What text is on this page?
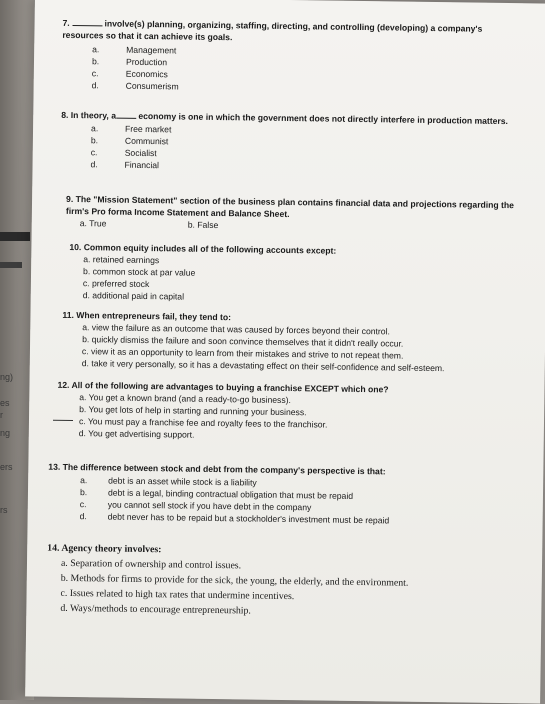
ng)
es
r
ng
ers
rs
7.	involve(s) planning, organizing, staffing, directing, and controlling (developing) a company's resources so that it can achieve its goals.
a.	Management
b.	Production
c.	Economics
d.	Consumerism
8. In theory, a	economy is one in which the government does not directly interfere in production matters.
a.	Free market
b.	Communist
c.	Socialist
d.	Financial
9. The "Mission Statement" section of the business plan contains financial data and projections regarding the firm's Pro forma Income Statement and Balance Sheet.
a. True	b. False
10. Common equity includes all of the following accounts except:
a. retained earnings
b. common stock at par value
c. preferred stock
d. additional paid in capital
11. When entrepreneurs fail, they tend to:
a. view the failure as an outcome that was caused by forces beyond their control.
b. quickly dismiss the failure and soon convince themselves that it didn't really occur.
c. view it as an opportunity to learn from their mistakes and strive to not repeat them.
d. take it very personally, so it has a devastating effect on their self-confidence and self-esteem.
12. All of the following are advantages to buying a franchise EXCEPT which one?
a. You get a known brand (and a ready-to-go business).
b. You get lots of help in starting and running your business.
c. You must pay a franchise fee and royalty fees to the franchisor.
d. You get advertising support.
13. The difference between stock and debt from the company's perspective is that:
a.	debt is an asset while stock is a liability
b.	debt is a legal, binding contractual obligation that must be repaid
c.	you cannot sell stock if you have debt in the company
d.	debt never has to be repaid but a stockholder's investment must be repaid
14. Agency theory involves:
a. Separation of ownership and control issues.
b. Methods for firms to provide for the sick, the young, the elderly, and the environment.
c. Issues related to high tax rates that undermine incentives.
d. Ways/methods to encourage entrepreneurship.
